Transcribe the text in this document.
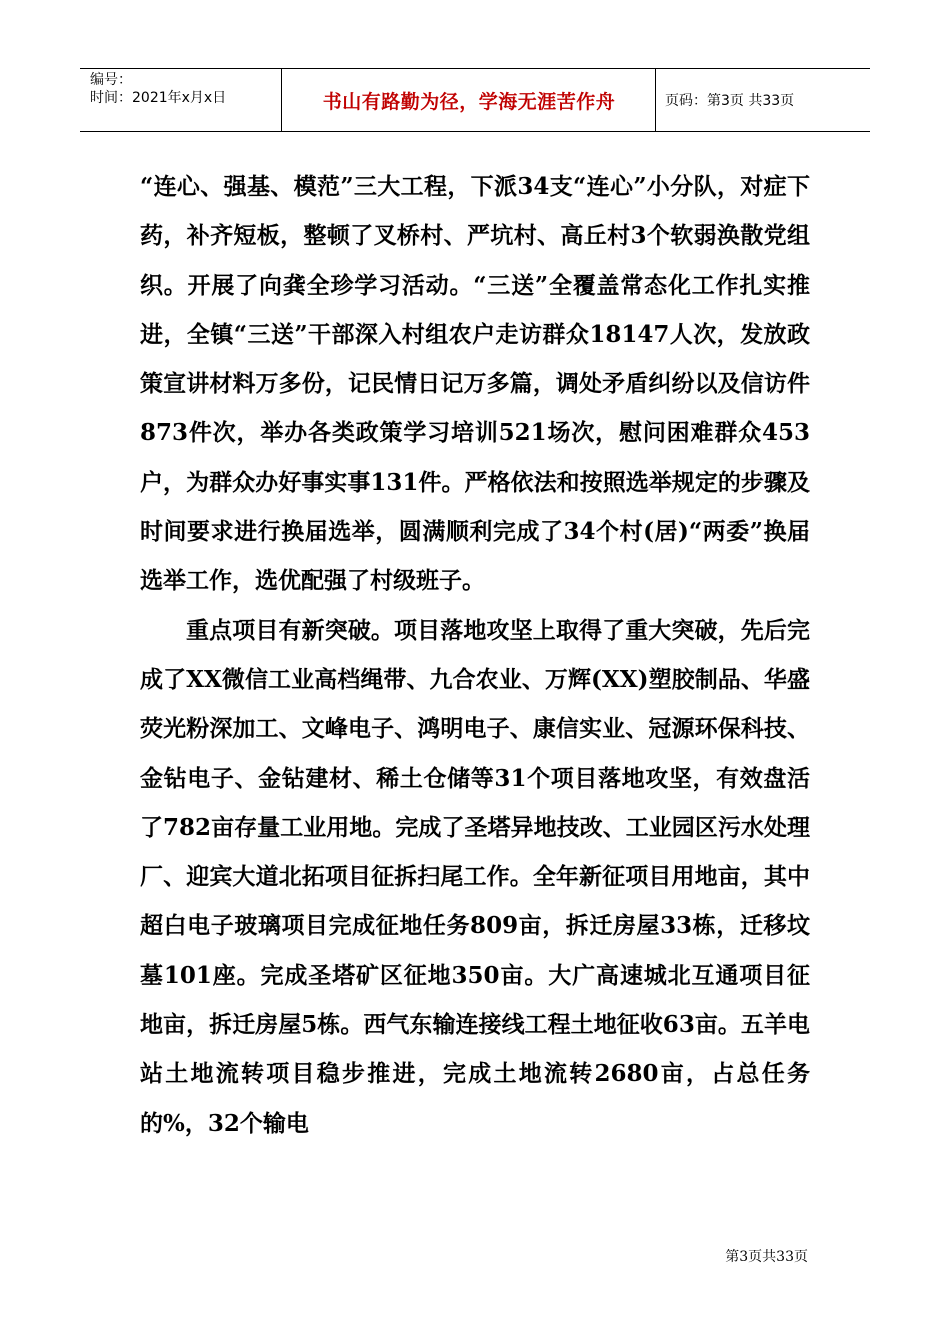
编号：
时间：2021年x月x日	书山有路勤为径，学海无涯苦作舟	页码：第3页 共33页

“连心、强基、模范”三大工程，下派34支“连心”小分队，对症下药，补齐短板，整顿了叉桥村、严坑村、高丘村3个软弱涣散党组织。开展了向龚全珍学习活动。“三送”全覆盖常态化工作扎实推进，全镇“三送”干部深入村组农户走访群众18147人次，发放政策宣讲材料万多份，记民情日记万多篇，调处矛盾纠纷以及信访件873件次，举办各类政策学习培训521场次，慰问困难群众453户，为群众办好事实事131件。严格依法和按照选举规定的步骤及时间要求进行换届选举，圆满顺利完成了34个村(居)“两委”换届选举工作，选优配强了村级班子。

重点项目有新突破。项目落地攻坚上取得了重大突破，先后完成了XX微信工业高档绳带、九合农业、万辉(XX)塑胶制品、华盛荧光粉深加工、文峰电子、鸿明电子、康信实业、冠源环保科技、金钻电子、金钻建材、稀土仓储等31个项目落地攻坚，有效盘活了782亩存量工业用地。完成了圣塔异地技改、工业园区污水处理厂、迎宾大道北拓项目征拆扫尾工作。全年新征项目用地亩，其中超白电子玻璃项目完成征地任务809亩，拆迁房屋33栋，迁移坟墓101座。完成圣塔矿区征地350亩。大广高速城北互通项目征地亩，拆迁房屋5栋。西气东输连接线工程土地征收63亩。五羊电站土地流转项目稳步推进，完成土地流转2680亩，占总任务的%，32个输电

第3页共33页
